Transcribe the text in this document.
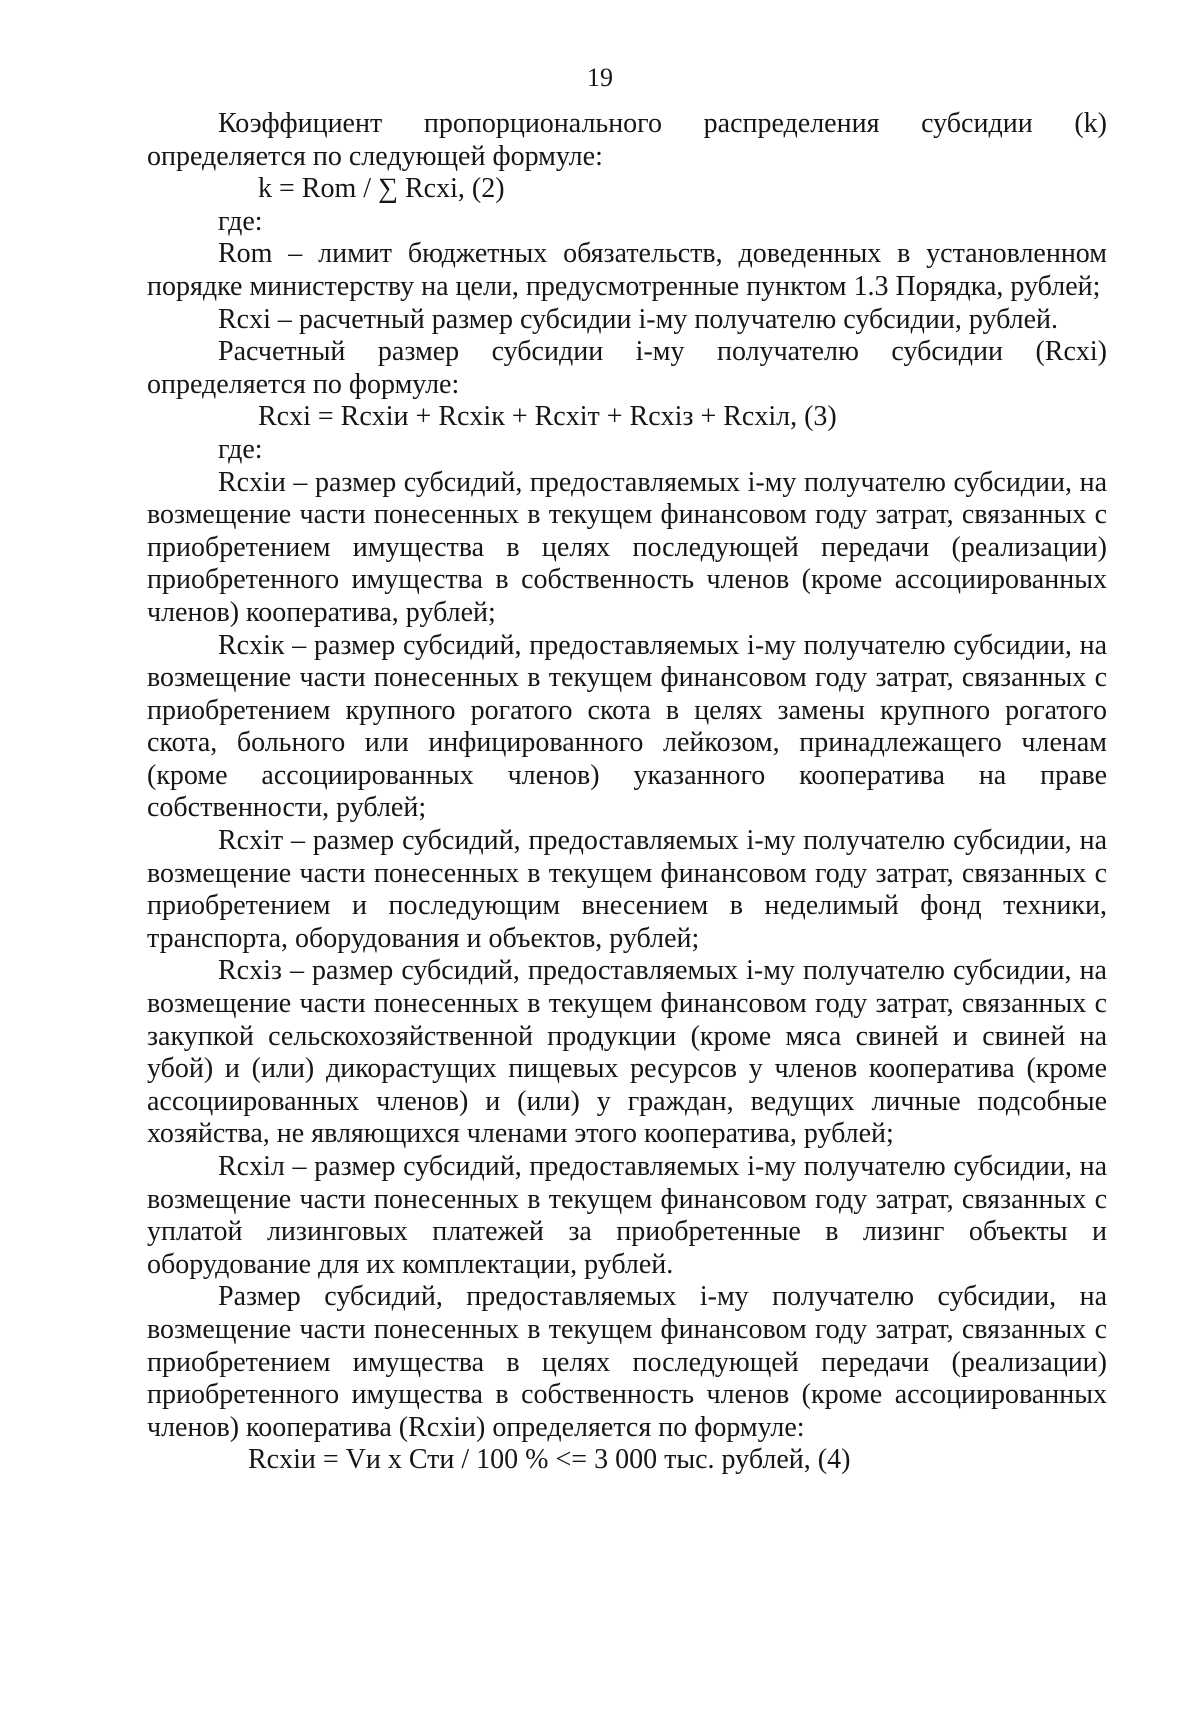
19

Коэффициент пропорционального распределения субсидии (k) определяется по следующей формуле:

k = Rom / ∑ Rcxi, (2)

где:

Rom – лимит бюджетных обязательств, доведенных в установленном порядке министерству на цели, предусмотренные пунктом 1.3 Порядка, рублей;

Rcxi – расчетный размер субсидии i-му получателю субсидии, рублей.

Расчетный размер субсидии i-му получателю субсидии (Rcxi) определяется по формуле:

Rcxi = Rcxiи + Rcxiк + Rcxiт + Rcxiз + Rcxiл, (3)

где:

Rcxiи – размер субсидий, предоставляемых i-му получателю субсидии, на возмещение части понесенных в текущем финансовом году затрат, связанных с приобретением имущества в целях последующей передачи (реализации) приобретенного имущества в собственность членов (кроме ассоциированных членов) кооператива, рублей;

Rcxiк – размер субсидий, предоставляемых i-му получателю субсидии, на возмещение части понесенных в текущем финансовом году затрат, связанных с приобретением крупного рогатого скота в целях замены крупного рогатого скота, больного или инфицированного лейкозом, принадлежащего членам (кроме ассоциированных членов) указанного кооператива на праве собственности, рублей;

Rcxiт – размер субсидий, предоставляемых i-му получателю субсидии, на возмещение части понесенных в текущем финансовом году затрат, связанных с приобретением и последующим внесением в неделимый фонд техники, транспорта, оборудования и объектов, рублей;

Rcxiз – размер субсидий, предоставляемых i-му получателю субсидии, на возмещение части понесенных в текущем финансовом году затрат, связанных с закупкой сельскохозяйственной продукции (кроме мяса свиней и свиней на убой) и (или) дикорастущих пищевых ресурсов у членов кооператива (кроме ассоциированных членов) и (или) у граждан, ведущих личные подсобные хозяйства, не являющихся членами этого кооператива, рублей;

Rcxiл – размер субсидий, предоставляемых i-му получателю субсидии, на возмещение части понесенных в текущем финансовом году затрат, связанных с уплатой лизинговых платежей за приобретенные в лизинг объекты и оборудование для их комплектации, рублей.

Размер субсидий, предоставляемых i-му получателю субсидии, на возмещение части понесенных в текущем финансовом году затрат, связанных с приобретением имущества в целях последующей передачи (реализации) приобретенного имущества в собственность членов (кроме ассоциированных членов) кооператива (Rcxiи) определяется по формуле:

Rcxiи = Vи x Сти / 100 % <= 3 000 тыс. рублей, (4)
